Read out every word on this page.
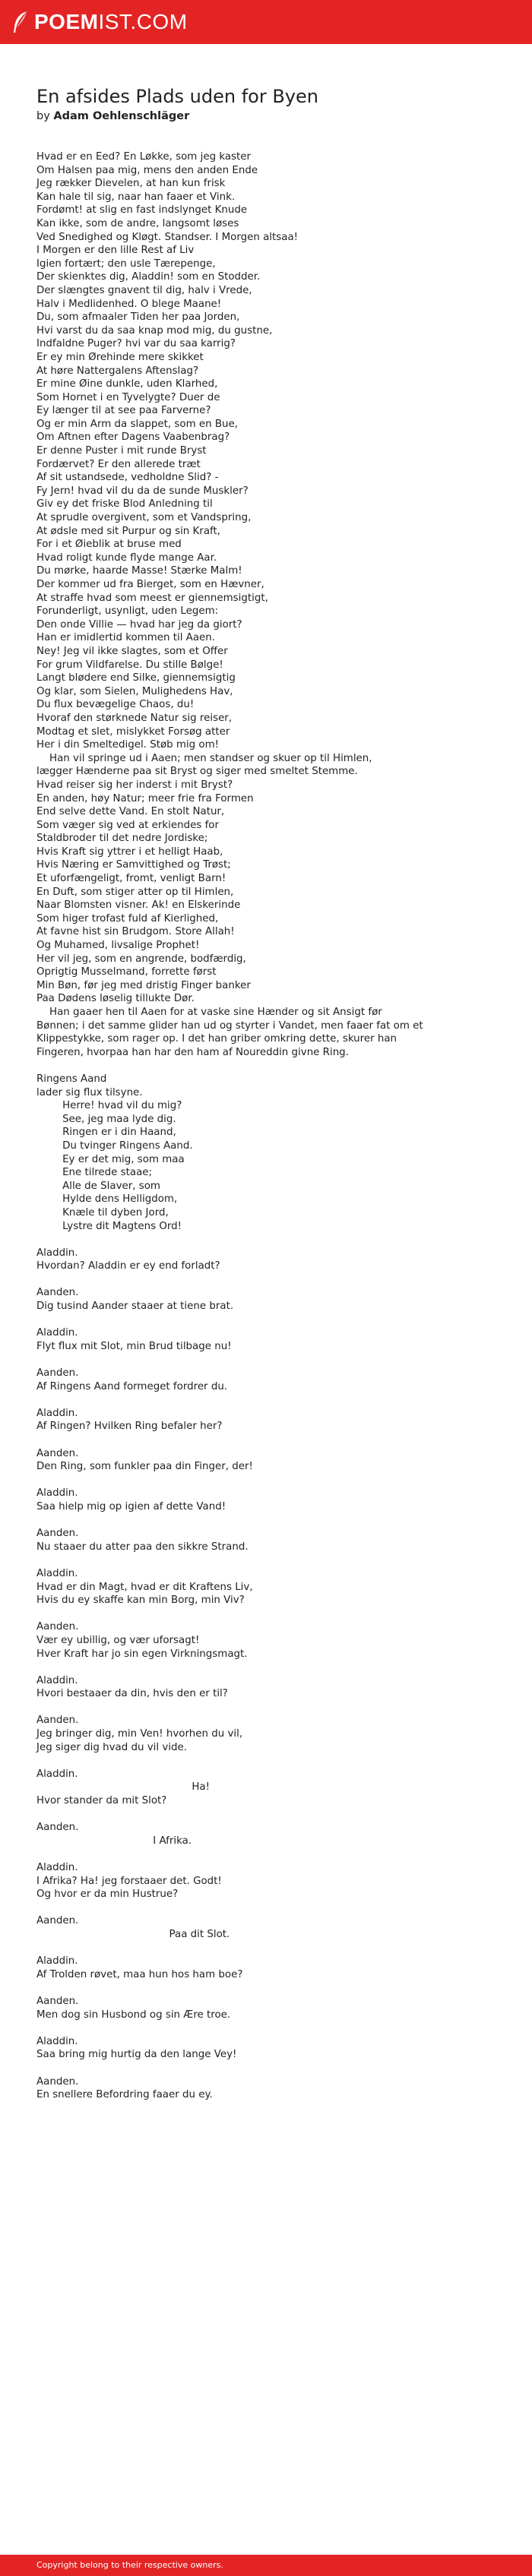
POEM IST.COM
En afsides Plads uden for Byen
by Adam Oehlenschläger
Hvad er en Eed? En Løkke, som jeg kaster
Om Halsen paa mig, mens den anden Ende
Jeg rækker Dievelen, at han kun frisk
Kan hale til sig, naar han faaer et Vink.
Fordømt! at slig en fast indslynget Knude
Kan ikke, som de andre, langsomt løses
Ved Snedighed og Kløgt. Standser. I Morgen altsaa!
I Morgen er den lille Rest af Liv
Igien fortært; den usle Tærepenge,
Der skienktes dig, Aladdin! som en Stodder.
Der slængtes gnavent til dig, halv i Vrede,
Halv i Medlidenhed. O blege Maane!
Du, som afmaaler Tiden her paa Jorden,
Hvi varst du da saa knap mod mig, du gustne,
Indfaldne Puger? hvi var du saa karrig?
Er ey min Ørehinde mere skikket
At høre Nattergalens Aftenslag?
Er mine Øine dunkle, uden Klarhed,
Som Hornet i en Tyvelygte? Duer de
Ey længer til at see paa Farverne?
Og er min Arm da slappet, som en Bue,
Om Aftnen efter Dagens Vaabenbrag?
Er denne Puster i mit runde Bryst
Fordærvet? Er den allerede træt
Af sit ustandsede, vedholdne Slid? -
Fy Jern! hvad vil du da de sunde Muskler?
Giv ey det friske Blod Anledning til
At sprudle overgivent, som et Vandspring,
At ødsle med sit Purpur og sin Kraft,
For i et Øieblik at bruse med
Hvad roligt kunde flyde mange Aar.
Du mørke, haarde Masse! Stærke Malm!
Der kommer ud fra Bierget, som en Hævner,
At straffe hvad som meest er giennemsigtigt,
Forunderligt, usynligt, uden Legem:
Den onde Villie — hvad har jeg da giort?
Han er imidlertid kommen til Aaen.
Ney! Jeg vil ikke slagtes, som et Offer
For grum Vildfarelse. Du stille Bølge!
Langt blødere end Silke, giennemsigtig
Og klar, som Sielen, Mulighedens Hav,
Du flux bevægelige Chaos, du!
Hvoraf den størknede Natur sig reiser,
Modtag et slet, mislykket Forsøg atter
Her i din Smeltedigel. Støb mig om!
Han vil springe ud i Aaen; men standser og skuer op til Himlen,
lægger Hænderne paa sit Bryst og siger med smeltet Stemme.
Hvad reiser sig her inderst i mit Bryst?
En anden, høy Natur; meer frie fra Formen
End selve dette Vand. En stolt Natur,
Som væger sig ved at erkiendes for
Staldbroder til det nedre Jordiske;
Hvis Kraft sig yttrer i et helligt Haab,
Hvis Næring er Samvittighed og Trøst;
Et uforfængeligt, fromt, venligt Barn!
En Duft, som stiger atter op til Himlen,
Naar Blomsten visner. Ak! en Elskerinde
Som higer trofast fuld af Kierlighed,
At favne hist sin Brudgom. Store Allah!
Og Muhamed, livsalige Prophet!
Her vil jeg, som en angrende, bodfærdig,
Oprigtig Musselmand, forrette først
Min Bøn, før jeg med dristig Finger banker
Paa Dødens løselig tillukte Dør.
Han gaaer hen til Aaen for at vaske sine Hænder og sit Ansigt før
Bønnen; i det samme glider han ud og styrter i Vandet, men faaer fat om et
Klippestykke, som rager op. I det han griber omkring dette, skurer han
Fingeren, hvorpaa han har den ham af Noureddin givne Ring.

Ringens Aand
lader sig flux tilsyne.
Herre! hvad vil du mig?
See, jeg maa lyde dig.
Ringen er i din Haand,
Du tvinger Ringens Aand.
Ey er det mig, som maa
Ene tilrede staae;
Alle de Slaver, som
Hylde dens Helligdom,
Knæle til dyben Jord,
Lystre dit Magtens Ord!

Aladdin.
Hvordan? Aladdin er ey end forladt?

Aanden.
Dig tusind Aander staaer at tiene brat.

Aladdin.
Flyt flux mit Slot, min Brud tilbage nu!

Aanden.
Af Ringens Aand formeget fordrer du.

Aladdin.
Af Ringen? Hvilken Ring befaler her?

Aanden.
Den Ring, som funkler paa din Finger, der!

Aladdin.
Saa hielp mig op igien af dette Vand!

Aanden.
Nu staaer du atter paa den sikkre Strand.

Aladdin.
Hvad er din Magt, hvad er dit Kraftens Liv,
Hvis du ey skaffe kan min Borg, min Viv?

Aanden.
Vær ey ubillig, og vær uforsagt!
Hver Kraft har jo sin egen Virkningsmagt.

Aladdin.
Hvori bestaaer da din, hvis den er til?

Aanden.
Jeg bringer dig, min Ven! hvorhen du vil,
Jeg siger dig hvad du vil vide.

Aladdin.
Ha!
Hvor stander da mit Slot?

Aanden.
I Afrika.

Aladdin.
I Afrika? Ha! jeg forstaaer det. Godt!
Og hvor er da min Hustrue?

Aanden.
Paa dit Slot.

Aladdin.
Af Trolden røvet, maa hun hos ham boe?

Aanden.
Men dog sin Husbond og sin Ære troe.

Aladdin.
Saa bring mig hurtig da den lange Vey!

Aanden.
En snellere Befordring faaer du ey.
Copyright belong to their respective owners.
